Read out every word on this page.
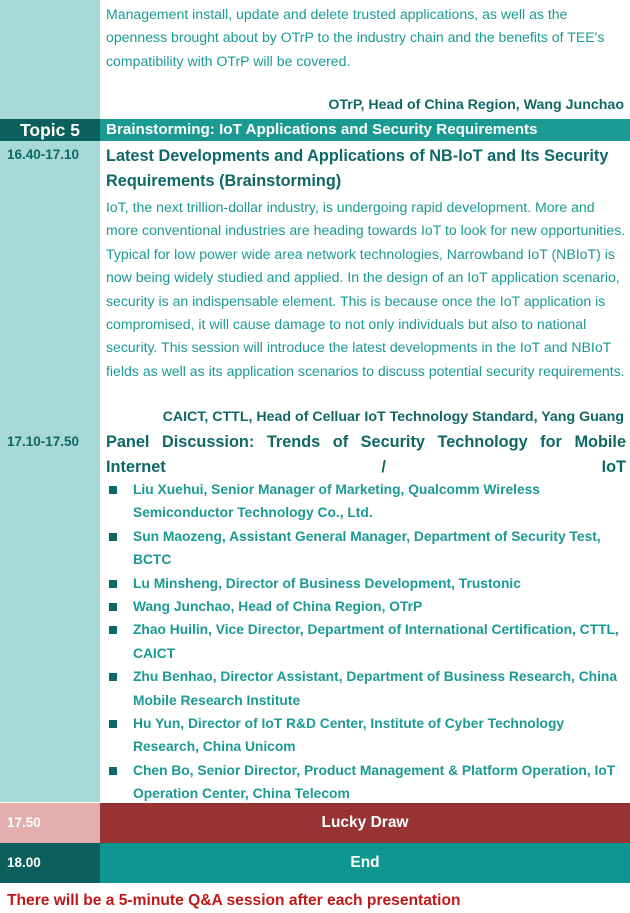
Management install, update and delete trusted applications, as well as the openness brought about by OTrP to the industry chain and the benefits of TEE's compatibility with OTrP will be covered.
OTrP, Head of China Region, Wang Junchao
Topic 5	Brainstorming: IoT Applications and Security Requirements
16.40-17.10 Latest Developments and Applications of NB-IoT and Its Security Requirements (Brainstorming)
IoT, the next trillion-dollar industry, is undergoing rapid development. More and more conventional industries are heading towards IoT to look for new opportunities. Typical for low power wide area network technologies, Narrowband IoT (NBIoT) is now being widely studied and applied. In the design of an IoT application scenario, security is an indispensable element. This is because once the IoT application is compromised, it will cause damage to not only individuals but also to national security. This session will introduce the latest developments in the IoT and NBIoT fields as well as its application scenarios to discuss potential security requirements.
CAICT, CTTL, Head of Celluar IoT Technology Standard, Yang Guang
17.10-17.50 Panel Discussion: Trends of Security Technology for Mobile Internet / IoT
Liu Xuehui, Senior Manager of Marketing, Qualcomm Wireless Semiconductor Technology Co., Ltd.
Sun Maozeng, Assistant General Manager, Department of Security Test, BCTC
Lu Minsheng, Director of Business Development, Trustonic
Wang Junchao, Head of China Region, OTrP
Zhao Huilin, Vice Director, Department of International Certification, CTTL, CAICT
Zhu Benhao, Director Assistant, Department of Business Research, China Mobile Research Institute
Hu Yun, Director of IoT R&D Center, Institute of Cyber Technology Research, China Unicom
Chen Bo, Senior Director, Product Management & Platform Operation, IoT Operation Center, China Telecom
17.50	Lucky Draw
18.00	End
There will be a 5-minute Q&A session after each presentation
